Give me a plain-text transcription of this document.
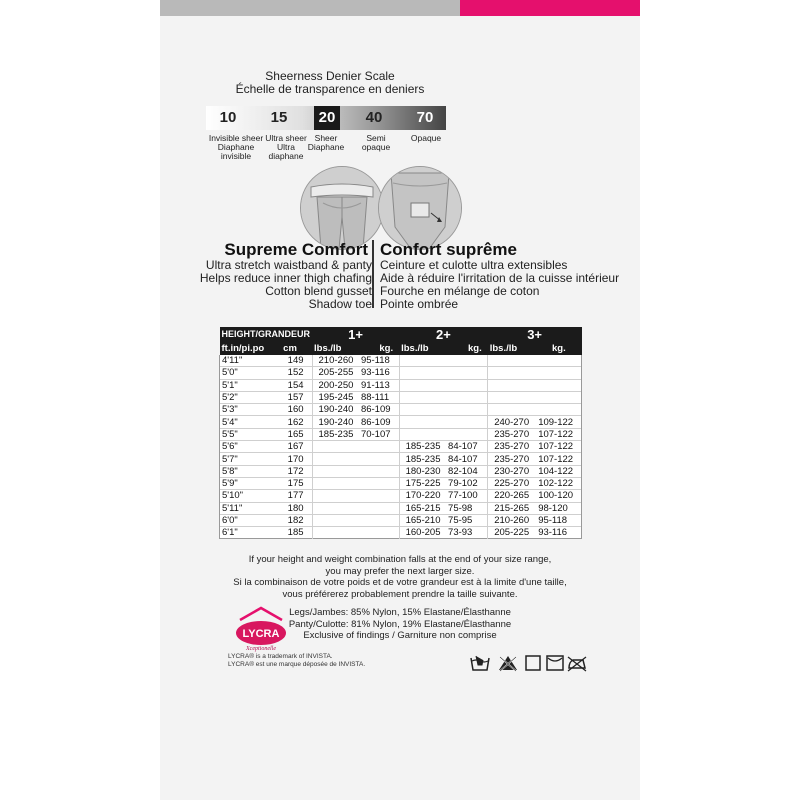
Sheerness Denier Scale
Échelle de transparence en deniers
10	15	20	40	70
Invisible sheer
Diaphane
invisible
Ultra sheer
Ultra
diaphane
Sheer
Diaphane
Semi
opaque
Opaque
Supreme Comfort Confort suprême
Ultra stretch waistband & panty
Helps reduce inner thigh chafing
Cotton blend gusset
Shadow toe
Ceinture et culotte ultra extensibles
Aide à réduire l'irritation de la cuisse intérieur
Fourche en mélange de coton
Pointe ombrée
HEIGHT/GRANDEUR		1+		2+		3+	
ft.in/pi.po	cm	lbs./lb	kg.	lbs./lb	kg.	lbs./lb	kg.
4'11"	149	210-260	95-118				
5'0"	152	205-255	93-116				
5'1"	154	200-250	91-113				
5'2"	157	195-245	88-111				
5'3"	160	190-240	86-109				
5'4"	162	190-240	86-109			240-270	109-122
5'5"	165	185-235	70-107			235-270	107-122
5'6"	167			185-235	84-107	235-270	107-122
5'7"	170			185-235	84-107	235-270	107-122
5'8"	172			180-230	82-104	230-270	104-122
5'9"	175			175-225	79-102	225-270	102-122
5'10"	177			170-220	77-100	220-265	100-120
5'11"	180			165-215	75-98	215-265	98-120
6'0"	182			165-210	75-95	210-260	95-118
6'1"	185			160-205	73-93	205-225	93-116
If your height and weight combination falls at the end of your size range,
you may prefer the next larger size.
Si la combinaison de votre poids et de votre grandeur est à la limite d'une taille,
vous préférerez probablement prendre la taille suivante.
Legs/Jambes: 85% Nylon, 15% Elastane/Élasthanne
Panty/Culotte: 81% Nylon, 19% Elastane/Élasthanne
Exclusive of findings / Garniture non comprise
LYCRA
Xceptionelle
LYCRA® is a trademark of INVISTA.
LYCRA® est une marque déposée de INVISTA.
